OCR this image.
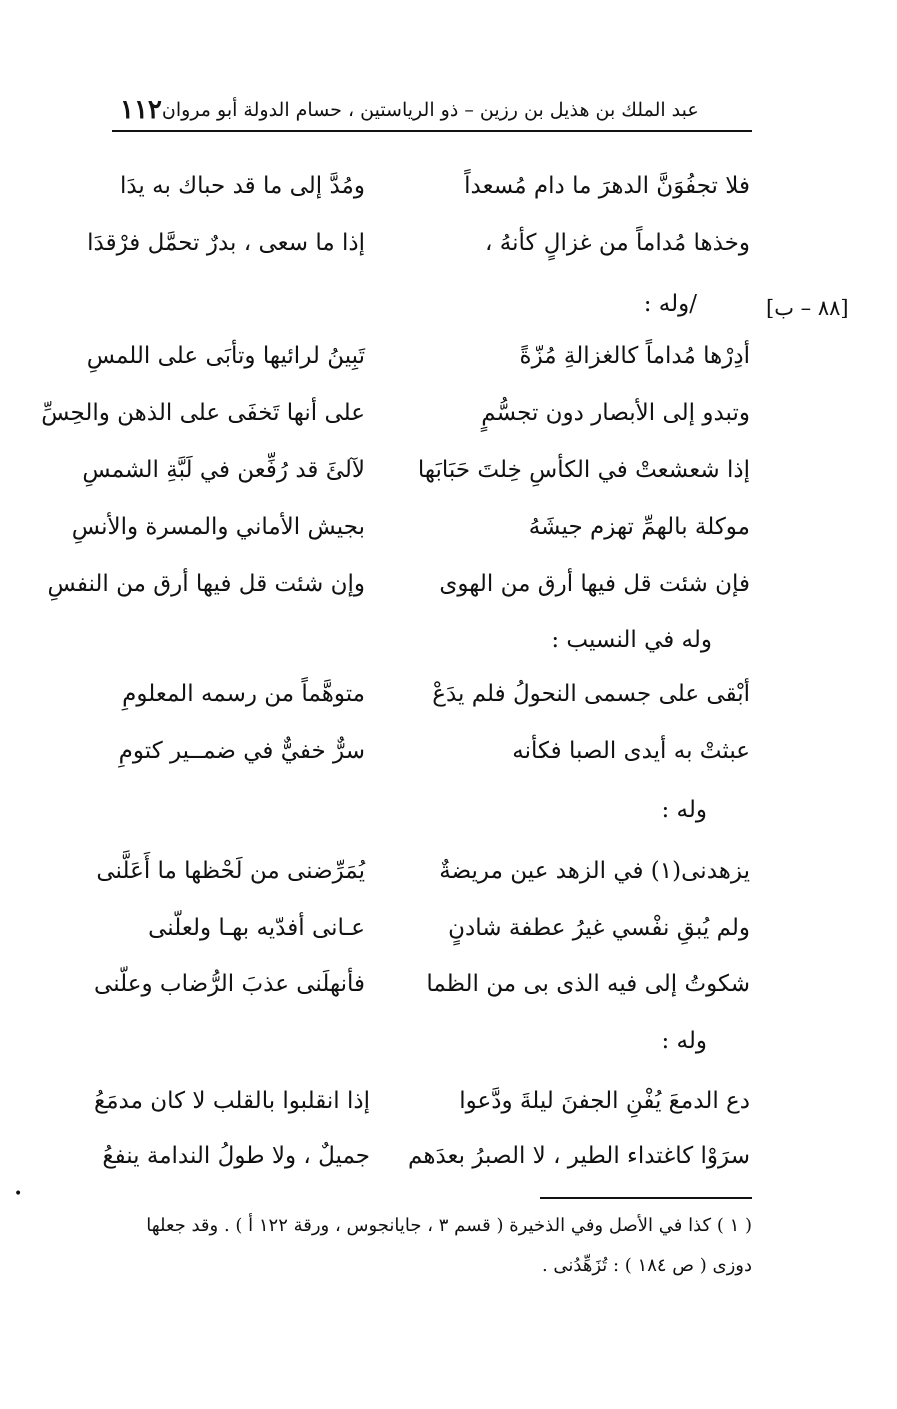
١١٢ عبد الملك بن هذيل بن رزين – ذو الرياستين ، حسام الدولة أبو مروان
فلا تجفُوَنَّ الدهرَ ما دام مُسعداً
ومُدَّ إلى ما قد حباك به يدَا
وخذها مُداماً من غزالٍ كأنهُ ،
إذا ما سعى ، بدرٌ تحمَّل فرْقدَا
[٨٨ – ب]
/وله :
أدِرْها مُداماً كالغزالةِ مُزّةً
تَبِينُ لرائيها وتأبَى على اللمسِ
وتبدو إلى الأبصار دون تجسُّمٍ
على أنها تَخفَى على الذهن والحِسِّ
إذا شعشعتْ في الكأسِ خِلتَ حَبَابَها
لآلئَ قد رُفِّعن في لَبَّةِ الشمسِ
موكلة بالهمِّ تهزم جيشَهُ
بجيش الأماني والمسرة والأنسِ
فإن شئت قل فيها أرق من الهوى
وإن شئت قل فيها أرق من النفسِ
وله في النسيب :
أبْقى على جسمى النحولُ فلم يدَعْ
متوهَّماً من رسمه المعلومِ
عبثتْ به أيدى الصبا فكأنه
سرٌّ خفيٌّ في ضمــير كتومِ
وله :
يزهدنى(١) في الزهد عين مريضةٌ
يُمَرِّضنى من لَحْظها ما أَعَلَّنى
ولم يُبقِ نفْسي غيرُ عطفة شادنٍ
عـانى أفدّيه بهـا ولعلّنى
شكوتُ إلى فيه الذى بى من الظما
فأنهلَنى عذبَ الرُّضاب وعلّنى
وله :
دع الدمعَ يُفْنِ الجفنَ ليلةَ ودَّعوا
إذا انقلبوا بالقلب لا كان مدمَعُ
سرَوْا كاغتداء الطير ، لا الصبرُ بعدَهم
جميلٌ ، ولا طولُ الندامة ينفعُ
•
( ١ ) كذا في الأصل وفي الذخيرة ( قسم ٣ ، جايانجوس ، ورقة ١٢٢ أ ) . وقد جعلها
دوزى ( ص ١٨٤ ) : تُزَهِّدُنى .
